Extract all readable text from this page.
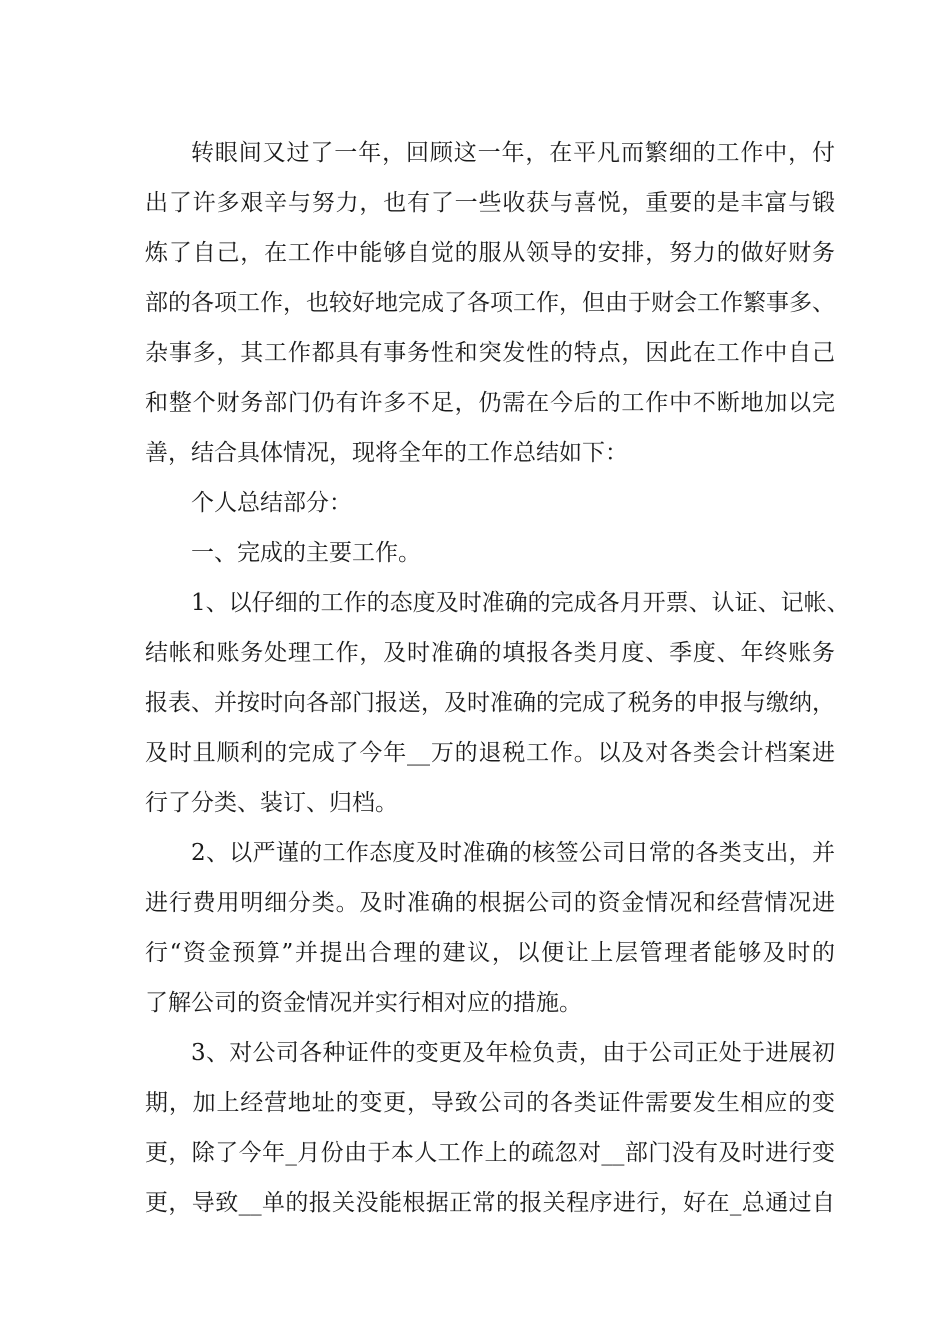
转眼间又过了一年，回顾这一年，在平凡而繁细的工作中，付
出了许多艰辛与努力，也有了一些收获与喜悦，重要的是丰富与锻
炼了自己，在工作中能够自觉的服从领导的安排，努力的做好财务
部的各项工作，也较好地完成了各项工作，但由于财会工作繁事多、
杂事多，其工作都具有事务性和突发性的特点，因此在工作中自己
和整个财务部门仍有许多不足，仍需在今后的工作中不断地加以完
善，结合具体情况，现将全年的工作总结如下：
个人总结部分：
一、完成的主要工作。
1、以仔细的工作的态度及时准确的完成各月开票、认证、记帐、
结帐和账务处理工作，及时准确的填报各类月度、季度、年终账务
报表、并按时向各部门报送，及时准确的完成了税务的申报与缴纳，
及时且顺利的完成了今年__万的退税工作。以及对各类会计档案进
行了分类、装订、归档。
2、以严谨的工作态度及时准确的核签公司日常的各类支出，并
进行费用明细分类。及时准确的根据公司的资金情况和经营情况进
行“资金预算”并提出合理的建议，以便让上层管理者能够及时的
了解公司的资金情况并实行相对应的措施。
3、对公司各种证件的变更及年检负责，由于公司正处于进展初
期，加上经营地址的变更，导致公司的各类证件需要发生相应的变
更，除了今年_月份由于本人工作上的疏忽对__部门没有及时进行变
更，导致__单的报关没能根据正常的报关程序进行，好在_总通过自
